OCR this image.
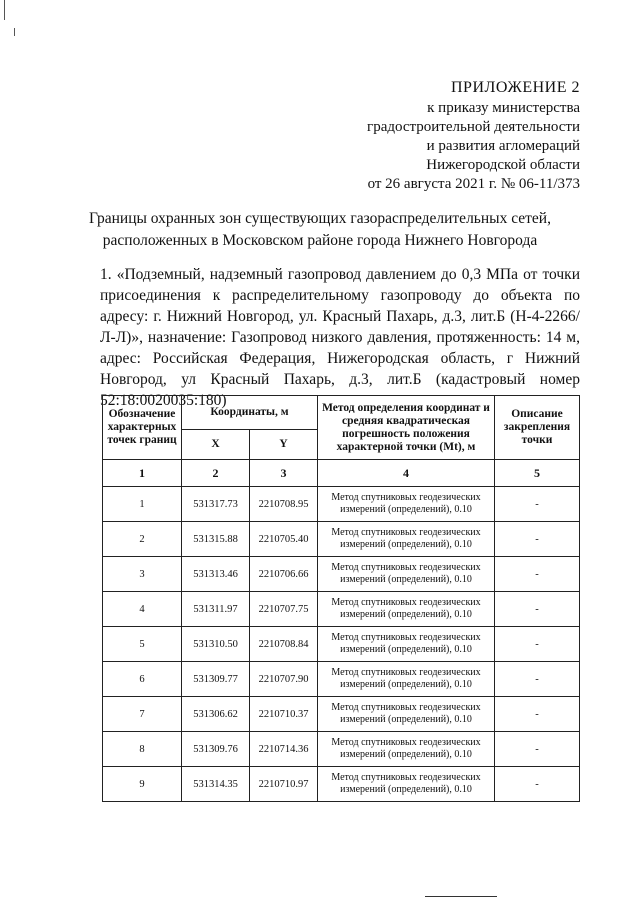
ПРИЛОЖЕНИЕ 2
к приказу министерства
градостроительной деятельности
и развития агломераций
Нижегородской области
от 26 августа 2021 г. № 06-11/373
Границы охранных зон существующих газораспределительных сетей,
расположенных в Московском районе города Нижнего Новгорода
1. «Подземный, надземный газопровод давлением до 0,3 МПа от точки присоединения к распределительному газопроводу до объекта по адресу: г. Нижний Новгород, ул. Красный Пахарь, д.3, лит.Б (Н-4-2266/Л-Л)», назначение: Газопровод низкого давления, протяженность: 14 м, адрес: Российская Федерация, Нижегородская область, г Нижний Новгород, ул Красный Пахарь, д.3, лит.Б (кадастровый номер 52:18:0020035:180)
Обозначение характерных точек границ	Координаты, м		Метод определения координат и средняя квадратическая погрешность положения характерной точки (Mt), м	Описание закрепления точки
	X	Y		
1	2	3	4	5
1	531317.73	2210708.95	Метод спутниковых геодезических измерений (определений), 0.10	-
2	531315.88	2210705.40	Метод спутниковых геодезических измерений (определений), 0.10	-
3	531313.46	2210706.66	Метод спутниковых геодезических измерений (определений), 0.10	-
4	531311.97	2210707.75	Метод спутниковых геодезических измерений (определений), 0.10	-
5	531310.50	2210708.84	Метод спутниковых геодезических измерений (определений), 0.10	-
6	531309.77	2210707.90	Метод спутниковых геодезических измерений (определений), 0.10	-
7	531306.62	2210710.37	Метод спутниковых геодезических измерений (определений), 0.10	-
8	531309.76	2210714.36	Метод спутниковых геодезических измерений (определений), 0.10	-
9	531314.35	2210710.97	Метод спутниковых геодезических измерений (определений), 0.10	-
